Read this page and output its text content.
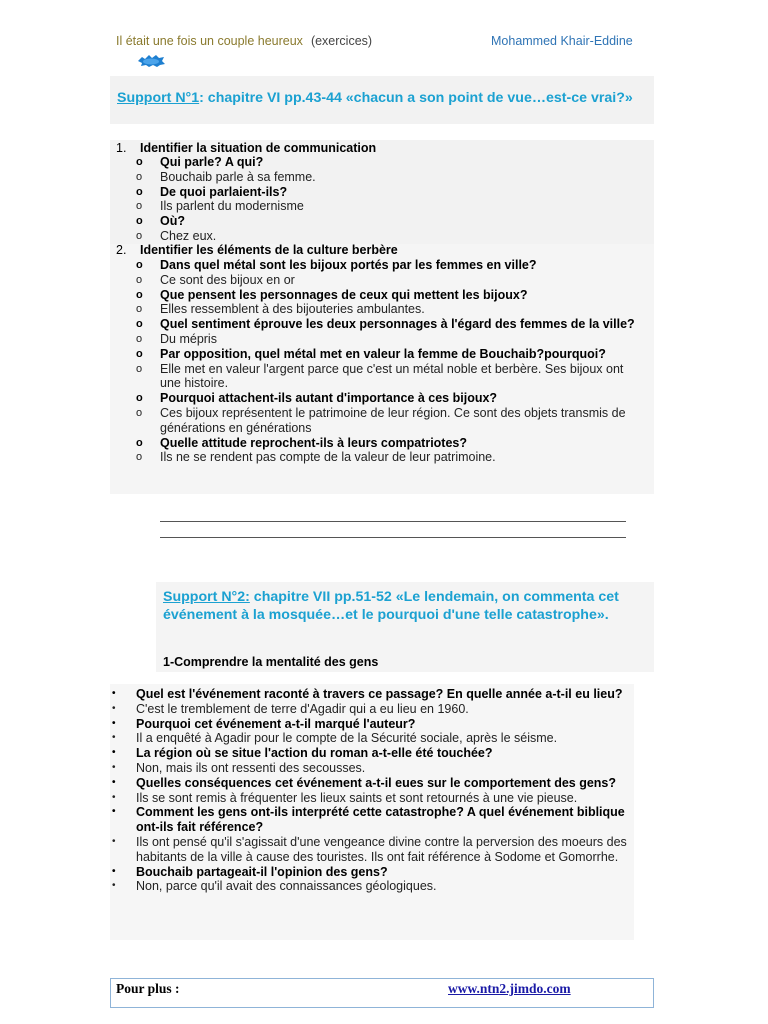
Il était une fois un couple heureux (exercices)	Mohammed Khair-Eddine
Support N°1: chapitre VI pp.43-44 «chacun a son point de vue…est-ce vrai?»
1. Identifier la situation de communication
o Qui parle? A qui?
o Bouchaib parle à sa femme.
o De quoi parlaient-ils?
o Ils parlent du modernisme
o Où?
o Chez eux.
2. Identifier les éléments de la culture berbère
o Dans quel métal sont les bijoux portés par les femmes en ville?
o Ce sont des bijoux en or
o Que pensent les personnages de ceux qui mettent les bijoux?
o Elles ressemblent à des bijouteries ambulantes.
o Quel sentiment éprouve les deux personnages à l'égard des femmes de la ville?
o Du mépris
o Par opposition, quel métal met en valeur la femme de Bouchaib?pourquoi?
o Elle met en valeur l'argent parce que c'est un métal noble et berbère. Ses bijoux ont une histoire.
o Pourquoi attachent-ils autant d'importance à ces bijoux?
o Ces bijoux représentent le patrimoine de leur région. Ce sont des objets transmis de générations en générations
o Quelle attitude reprochent-ils à leurs compatriotes?
o Ils ne se rendent pas compte de la valeur de leur patrimoine.
Support N°2: chapitre VII pp.51-52 «Le lendemain, on commenta cet événement à la mosquée…et le pourquoi d'une telle catastrophe».
1-Comprendre la mentalité des gens
• Quel est l'événement raconté à travers ce passage? En quelle année a-t-il eu lieu?
• C'est le tremblement de terre d'Agadir qui a eu lieu en 1960.
• Pourquoi cet événement a-t-il marqué l'auteur?
• Il a enquêté à Agadir pour le compte de la Sécurité sociale, après le séisme.
• La région où se situe l'action du roman a-t-elle été touchée?
• Non, mais ils ont ressenti des secousses.
• Quelles conséquences cet événement a-t-il eues sur le comportement des gens?
• Ils se sont remis à fréquenter les lieux saints et sont retournés à une vie pieuse.
• Comment les gens ont-ils interprété cette catastrophe? A quel événement biblique ont-ils fait référence?
• Ils ont pensé qu'il s'agissait d'une vengeance divine contre la perversion des moeurs des habitants de la ville à cause des touristes. Ils ont fait référence à Sodome et Gomorrhe.
• Bouchaib partageait-il l'opinion des gens?
• Non, parce qu'il avait des connaissances géologiques.
Pour plus :	www.ntn2.jimdo.com
